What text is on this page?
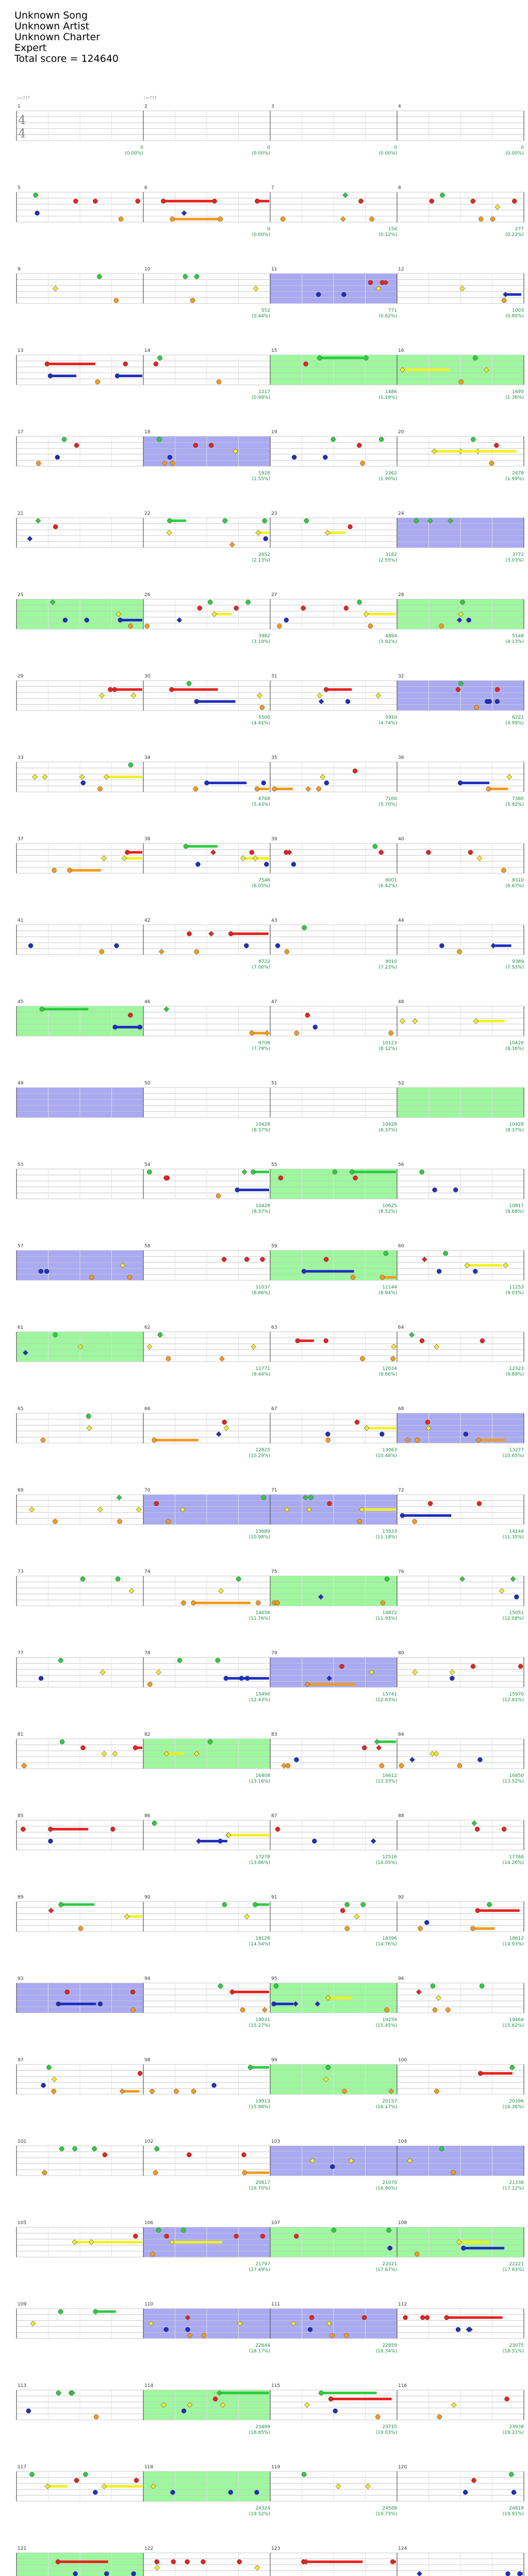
Unknown Song
Unknown Artist
Unknown Charter
Expert
Total score = 124640
♩=???	♩=???
1
4
4
0
(0.00%)
2
0
(0.00%)
3
0
(0.00%)
4
0
(0.00%)
5	6
0
(0.00%)
7
154
(0.12%)
8
277
(0.22%)
9	10
552
(0.44%)
11
771
(0.62%)
12
1003
(0.80%)
13	14
1217
(0.98%)
15
1486
(1.19%)
16
1695
(1.36%)
17	18
1928
(1.55%)
19
2362
(1.90%)
20
2478
(1.99%)
21	22
2652
(2.13%)
23
3182
(2.55%)
24
3772
(3.03%)
25	26
3982
(3.19%)
27
4884
(3.92%)
28
5148
(4.13%)
29	30
5500
(4.41%)
31
5910
(4.74%)
32
6221
(4.99%)
33	34
6768
(5.43%)
35
7100
(5.70%)
36
7380
(5.92%)
37	38
7546
(6.05%)
39
8001
(6.42%)
40
8310
(6.67%)
41	42
8722
(7.00%)
43
9010
(7.23%)
44
9389
(7.53%)
45	46
9708
(7.79%)
47
10123
(8.12%)
48
10420
(8.36%)
49	50
10428
(8.37%)
51
10428
(8.37%)
52
10428
(8.37%)
53	54
10428
(8.37%)
55
10625
(8.52%)
56
10817
(8.68%)
57	58
11037
(8.86%)
59
11144
(8.94%)
60
11253
(9.03%)
61	62
11771
(9.44%)
63
12034
(9.66%)
64
12323
(9.89%)
65	66
12825
(10.29%)
67
13063
(10.48%)
68
13277
(10.65%)
69	70
13689
(10.98%)
71
13933
(11.18%)
72
14144
(11.35%)
73	74
14658
(11.76%)
75
14872
(11.93%)
76
15051
(12.08%)
77	78
15490
(12.43%)
79
15741
(12.63%)
80
15970
(12.81%)
81	82
16408
(13.16%)
83
16612
(13.33%)
84
16850
(13.52%)
85	86
17278
(13.86%)
87
17516
(14.05%)
88
17768
(14.26%)
89	90
18126
(14.54%)
91
18396
(14.76%)
92
18612
(14.93%)
93	94
19031
(15.27%)
95
19259
(15.45%)
96
19464
(15.62%)
97	98
19913
(15.98%)
99
20157
(16.17%)
100
20396
(16.36%)
101	102
20817
(16.70%)
103
21070
(16.90%)
104
21338
(17.12%)
105	106
21797
(17.49%)
107
22021
(17.67%)
108
22221
(17.83%)
109	110
22644
(18.17%)
111
22859
(18.34%)
112
23075
(18.51%)
113	114
23489
(18.85%)
115
23715
(19.03%)
116
23938
(19.21%)
117	118
24324
(19.52%)
119
24588
(19.73%)
120
24819
(19.91%)
121	122	123	124
